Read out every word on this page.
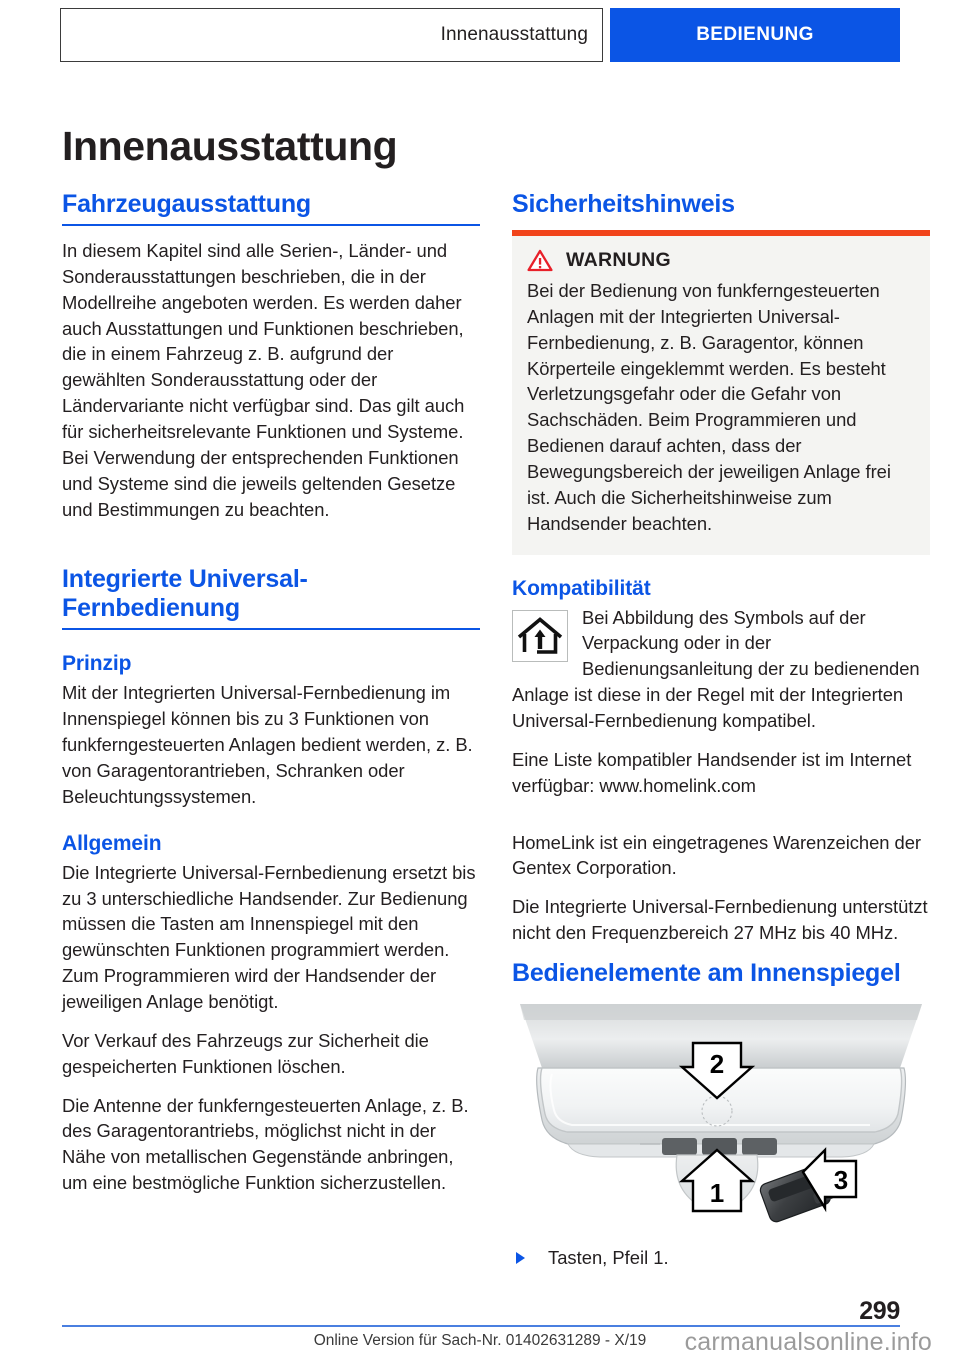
Innenausstattung	BEDIENUNG
Innenausstattung
Fahrzeugausstattung

In diesem Kapitel sind alle Serien-, Länder- und Sonderausstattungen beschrieben, die in der Modellreihe angeboten werden. Es werden daher auch Ausstattungen und Funktionen beschrieben, die in einem Fahrzeug z. B. aufgrund der gewählten Sonderausstattung oder der Ländervariante nicht verfügbar sind. Das gilt auch für sicherheitsrelevante Funktionen und Systeme. Bei Verwendung der entsprechenden Funktionen und Systeme sind die jeweils geltenden Gesetze und Bestimmungen zu beachten.

Integrierte Universal-
Fernbedienung
Prinzip

Mit der Integrierten Universal-Fernbedienung im Innenspiegel können bis zu 3 Funktionen von funkferngesteuerten Anlagen bedient werden, z. B. von Garagentorantrieben, Schranken oder Beleuchtungssystemen.

Allgemein

Die Integrierte Universal-Fernbedienung ersetzt bis zu 3 unterschiedliche Handsender. Zur Bedienung müssen die Tasten am Innenspiegel mit den gewünschten Funktionen programmiert werden. Zum Programmieren wird der Handsender der jeweiligen Anlage benötigt.

Vor Verkauf des Fahrzeugs zur Sicherheit die gespeicherten Funktionen löschen.

Die Antenne der funkferngesteuerten Anlage, z. B. des Garagentorantriebs, möglichst nicht in der Nähe von metallischen Gegenstände anbringen, um eine bestmögliche Funktion sicherzustellen.

Sicherheitshinweis
WARNUNG

Bei der Bedienung von funkferngesteuerten Anlagen mit der Integrierten Universal-Fernbedienung, z. B. Garagentor, können Körperteile eingeklemmt werden. Es besteht Verletzungsgefahr oder die Gefahr von Sachschäden. Beim Programmieren und Bedienen darauf achten, dass der Bewegungsbereich der jeweiligen Anlage frei ist. Auch die Sicherheitshinweise zum Handsender beachten.

Kompatibilität

Bei Abbildung des Symbols auf der Verpackung oder in der Bedienungsanleitung der zu bedienenden Anlage ist diese in der Regel mit der Integrierten Universal-Fernbedienung kompatibel.

Eine Liste kompatibler Handsender ist im Internet verfügbar: www.homelink.com

HomeLink ist ein eingetragenes Warenzeichen der Gentex Corporation.

Die Integrierte Universal-Fernbedienung unterstützt nicht den Frequenzbereich 27 MHz bis 40 MHz.

Bedienelemente am Innenspiegel
2
1	3
Tasten, Pfeil 1.
299
Online Version für Sach-Nr. 01402631289 - X/19	carmanualsonline.info
